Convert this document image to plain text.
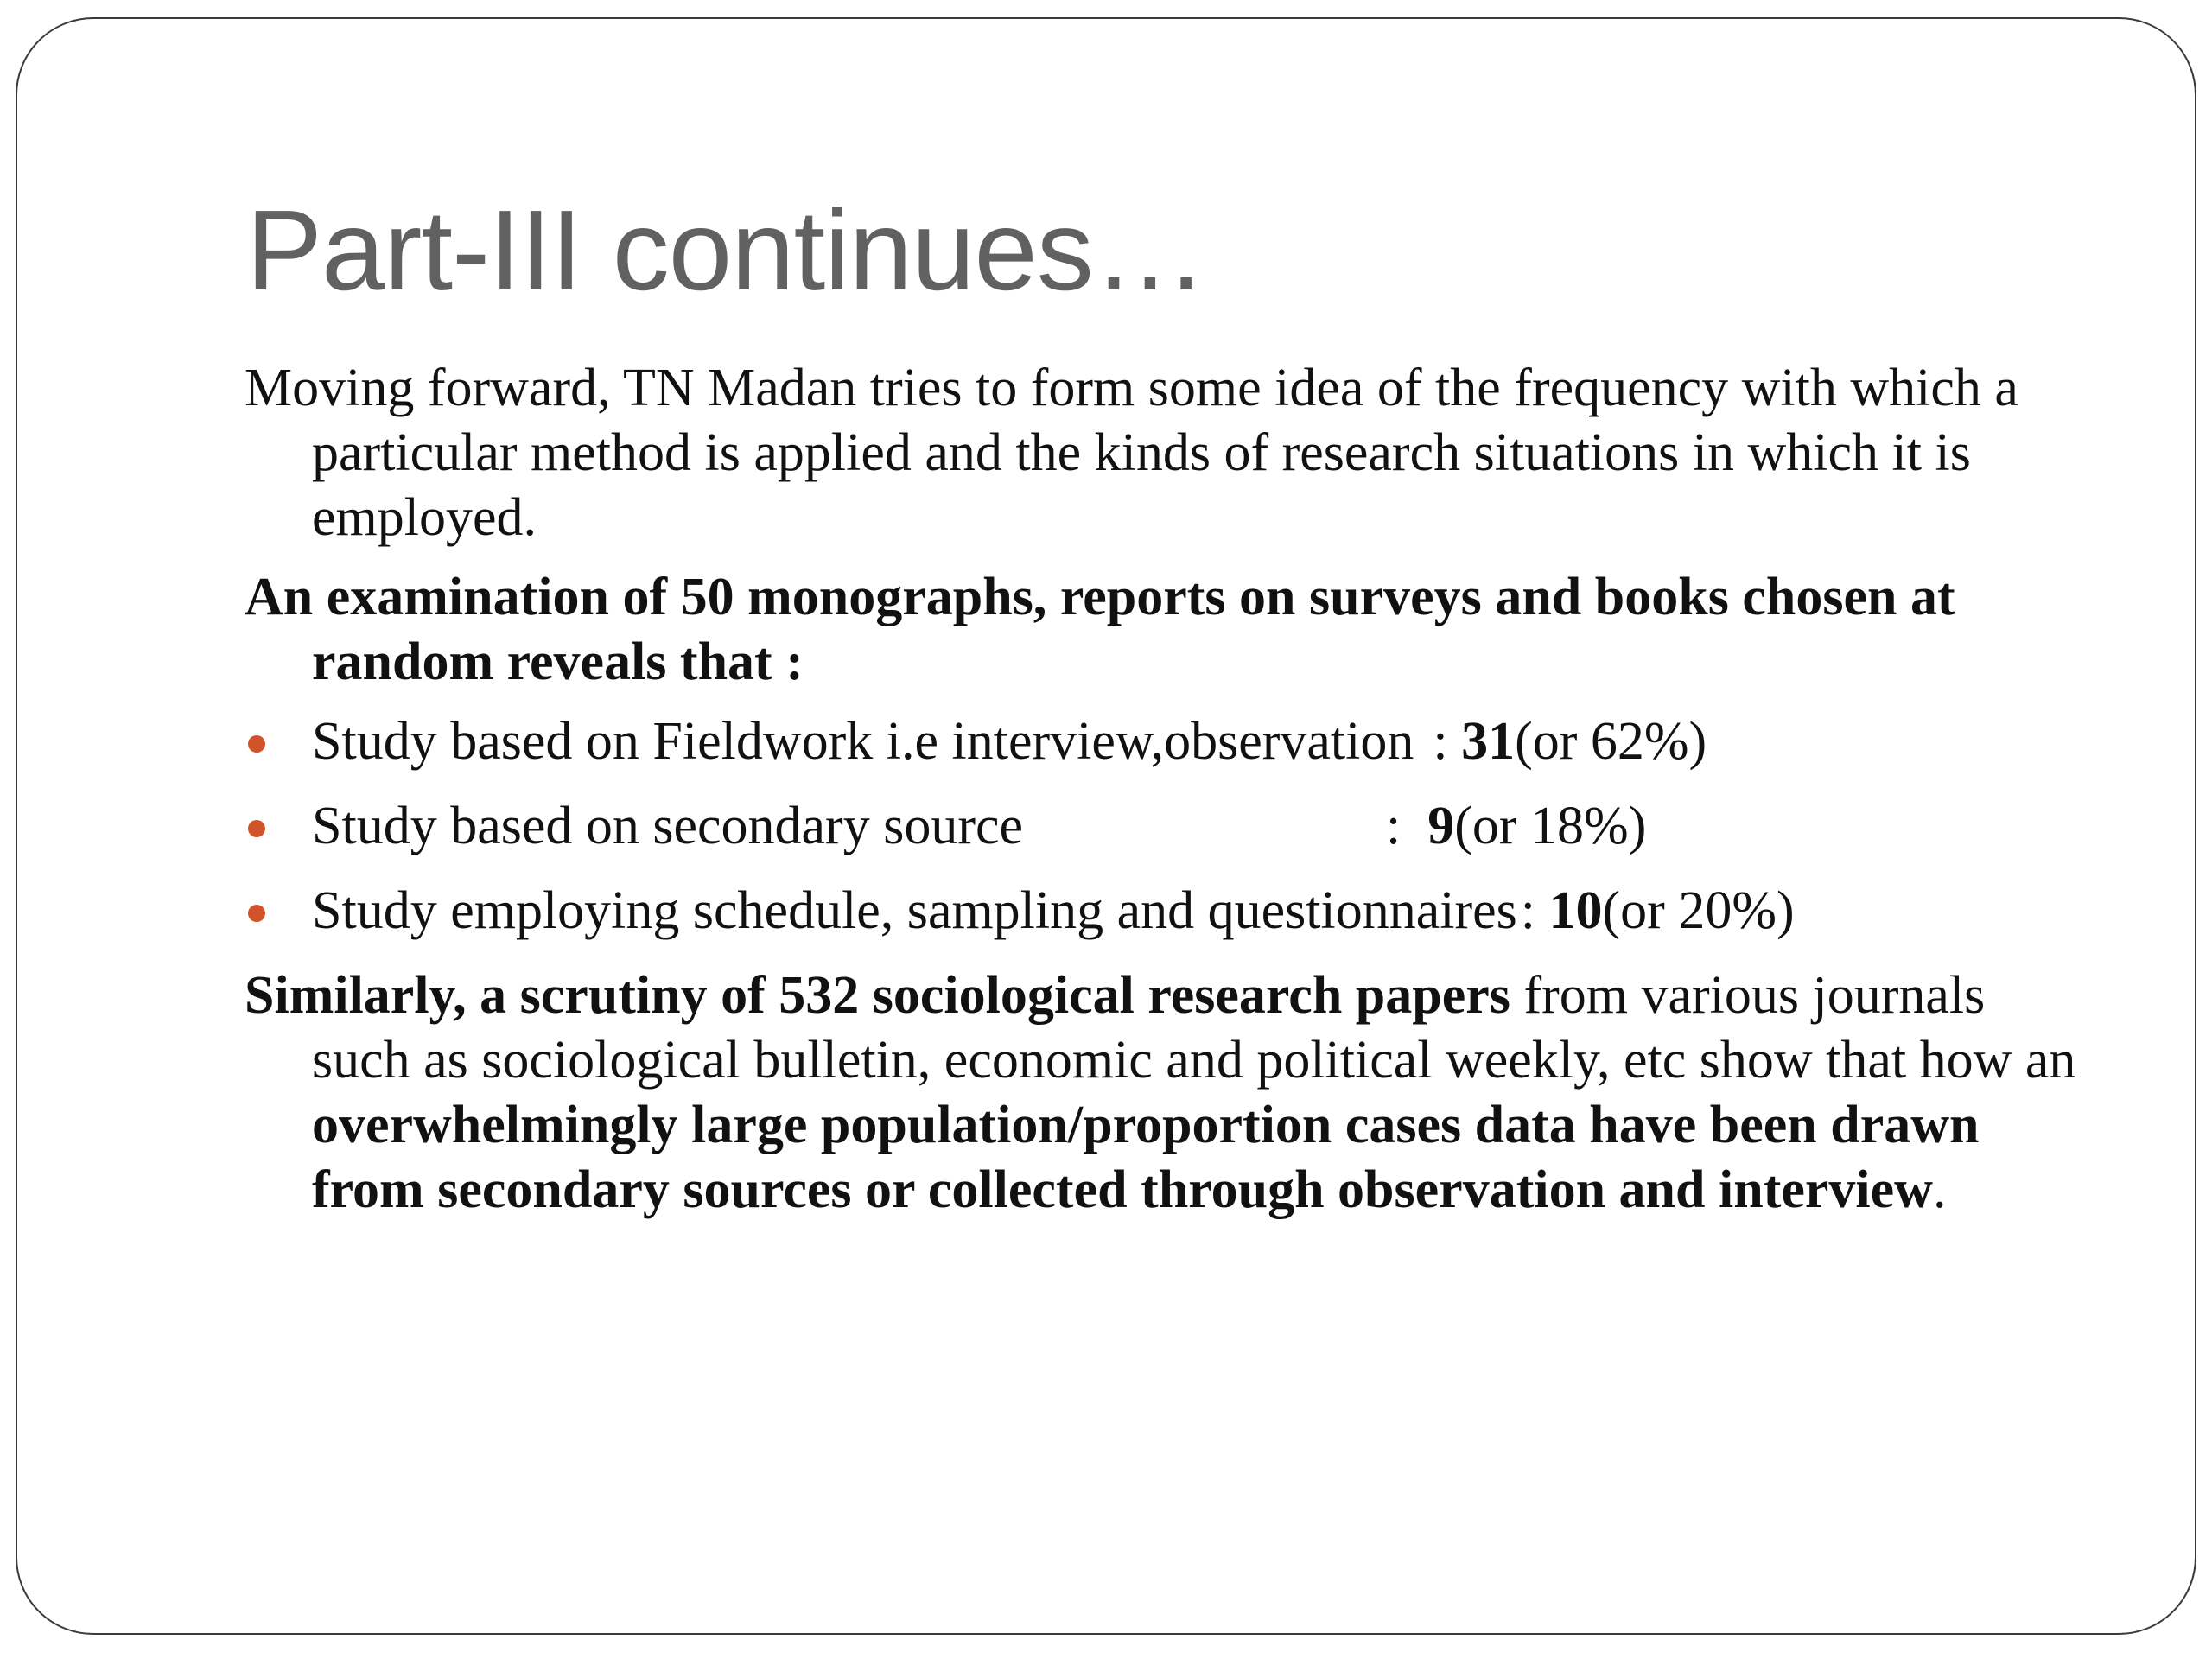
Part-III continues…

Moving forward, TN Madan tries to form some idea of the frequency with which a particular method is applied and the kinds of research situations in which it is employed.

An examination of 50 monographs, reports on surveys and books chosen at random reveals that :

Study based on Fieldwork i.e interview,observation : 31(or 62%)
Study based on secondary source	: 9(or 18%)
Study employing schedule, sampling and questionnaires: 10(or 20%)

Similarly, a scrutiny of 532 sociological research papers from various journals such as sociological bulletin, economic and political weekly, etc show that how an overwhelmingly large population/proportion cases data have been drawn from secondary sources or collected through observation and interview.
